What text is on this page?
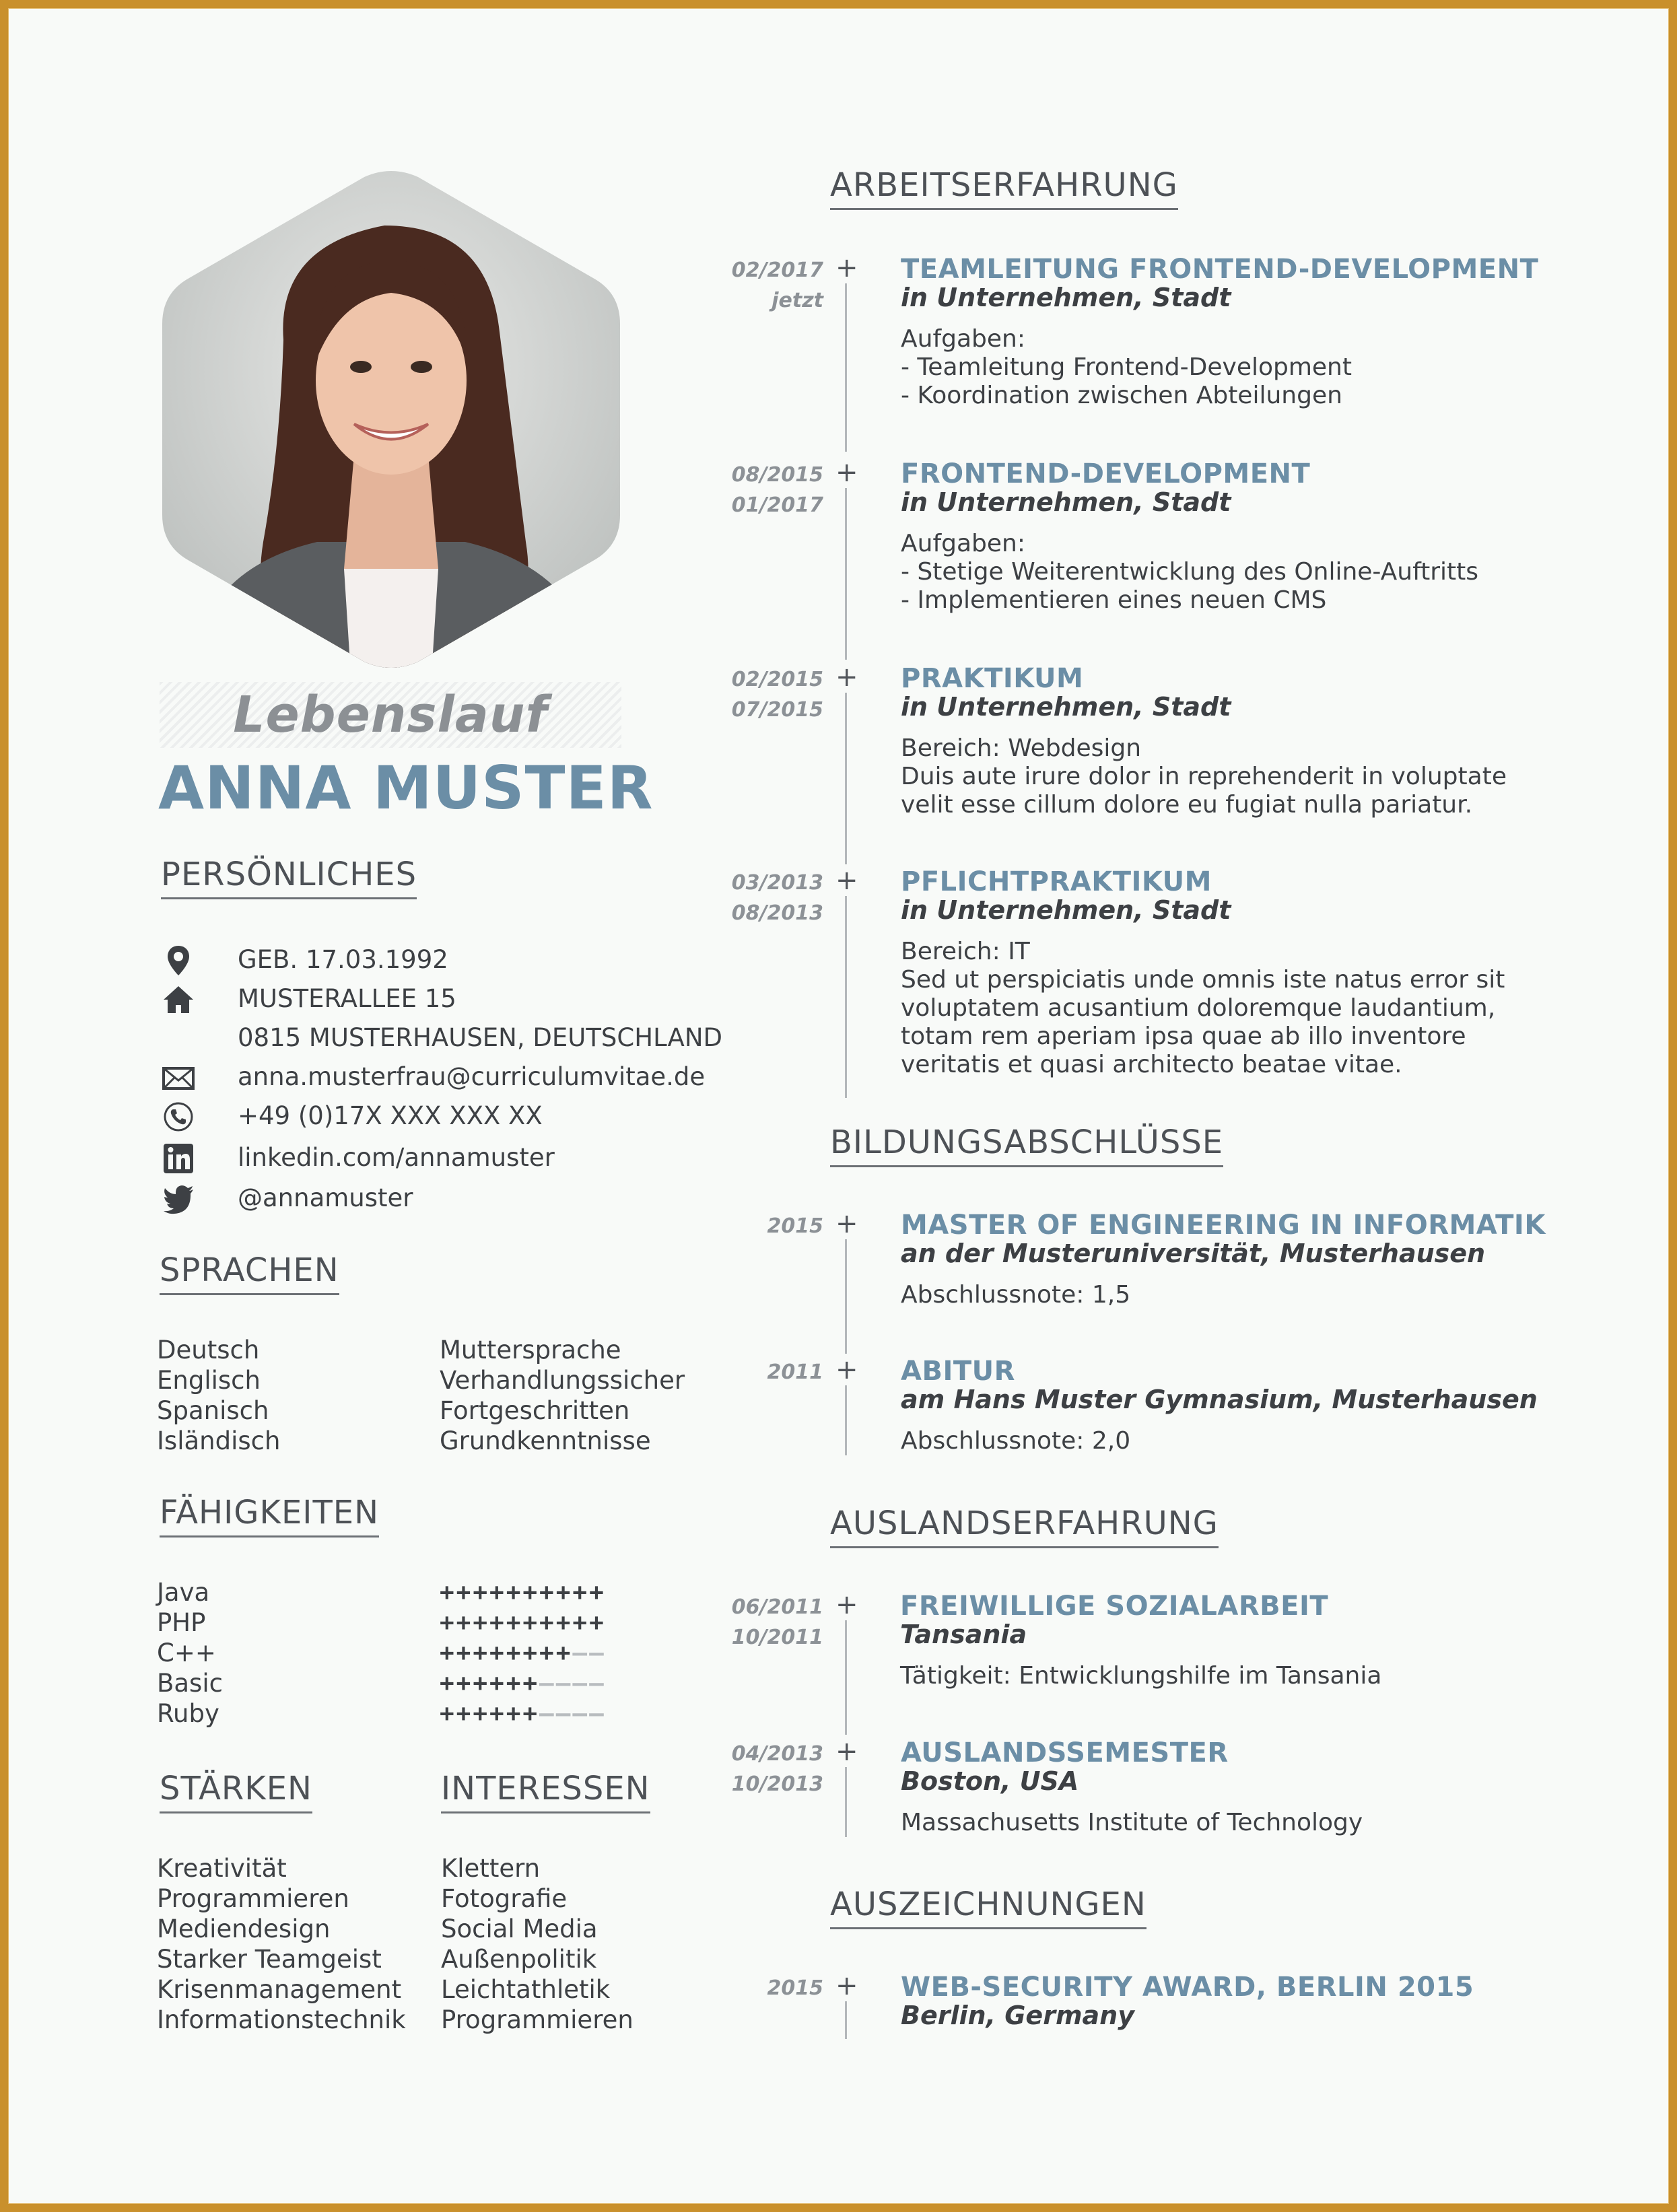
Lebenslauf
ANNA MUSTER
PERSÖNLICHES
GEB. 17.03.1992
MUSTERALLEE 15
0815 MUSTERHAUSEN, DEUTSCHLAND
anna.musterfrau@curriculumvitae.de
+49 (0)17X XXX XXX XX
linkedin.com/annamuster
@annamuster
SPRACHEN
Deutsch
Englisch
Spanisch
Isländisch
Muttersprache
Verhandlungssicher
Fortgeschritten
Grundkenntnisse
FÄHIGKEITEN
Java
PHP
C++
Basic
Ruby
++++++++++
++++++++++
++++++++––
++++++––––
++++++––––
STÄRKEN	INTERESSEN
Kreativität
Programmieren
Mediendesign
Starker Teamgeist
Krisenmanagement
Informationstechnik
Klettern
Fotografie
Social Media
Außenpolitik
Leichtathletik
Programmieren
ARBEITSERFAHRUNG
02/2017
jetzt
+ TEAMLEITUNG FRONTEND-DEVELOPMENT
in Unternehmen, Stadt
Aufgaben:
- Teamleitung Frontend-Development
- Koordination zwischen Abteilungen
08/2015
01/2017
+ FRONTEND-DEVELOPMENT
in Unternehmen, Stadt
Aufgaben:
- Stetige Weiterentwicklung des Online-Auftritts
- Implementieren eines neuen CMS
02/2015
07/2015
+ PRAKTIKUM
in Unternehmen, Stadt
Bereich: Webdesign
Duis aute irure dolor in reprehenderit in voluptate
velit esse cillum dolore eu fugiat nulla pariatur.
03/2013
08/2013
+ PFLICHTPRAKTIKUM
in Unternehmen, Stadt
Bereich: IT
Sed ut perspiciatis unde omnis iste natus error sit
voluptatem acusantium doloremque laudantium,
totam rem aperiam ipsa quae ab illo inventore
veritatis et quasi architecto beatae vitae.
BILDUNGSABSCHLÜSSE
2015 + MASTER OF ENGINEERING IN INFORMATIK
an der Musteruniversität, Musterhausen
Abschlussnote: 1,5
2011 + ABITUR
am Hans Muster Gymnasium, Musterhausen
Abschlussnote: 2,0
AUSLANDSERFAHRUNG
06/2011
10/2011
+ FREIWILLIGE SOZIALARBEIT
Tansania
Tätigkeit: Entwicklungshilfe im Tansania
04/2013
10/2013
+ AUSLANDSSEMESTER
Boston, USA
Massachusetts Institute of Technology
AUSZEICHNUNGEN
2015 + WEB-SECURITY AWARD, BERLIN 2015
Berlin, Germany
